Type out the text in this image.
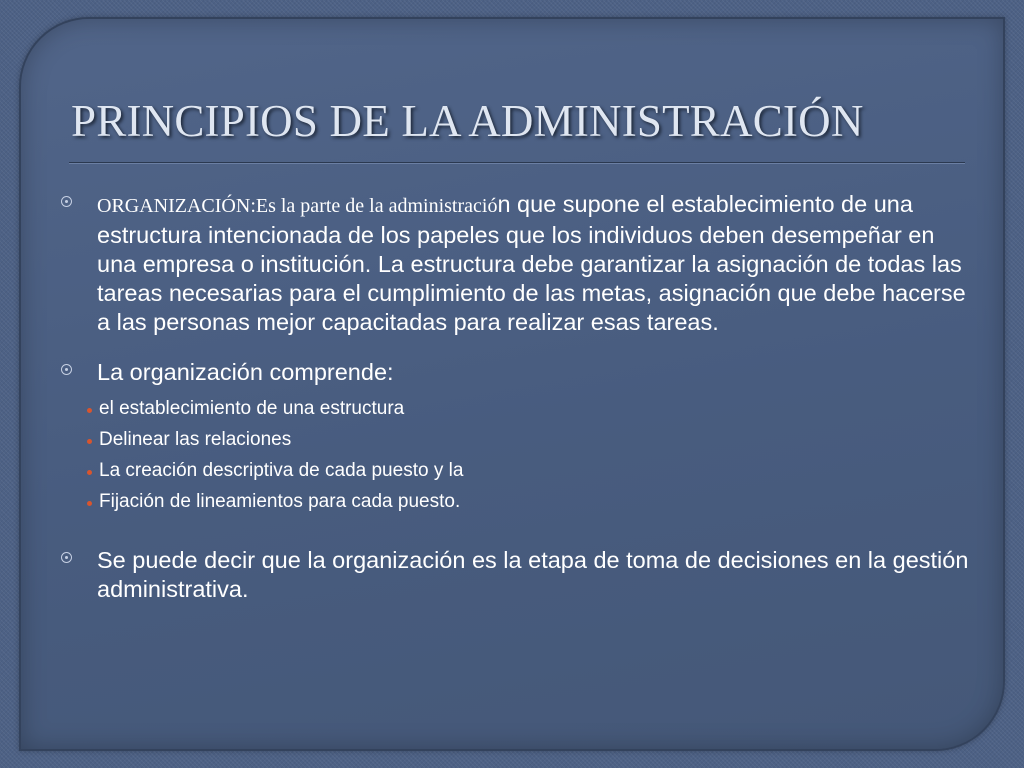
PRINCIPIOS DE LA ADMINISTRACIÓN
ORGANIZACIÓN:Es la parte de la administración que supone el establecimiento de una estructura intencionada de los papeles que los individuos deben desempeñar en una empresa o institución. La estructura debe garantizar la asignación de todas las tareas necesarias para el cumplimiento de las metas, asignación que debe hacerse a las personas mejor capacitadas para realizar esas tareas.
La organización comprende:
el establecimiento de una estructura
Delinear las relaciones
La creación descriptiva de cada puesto y la
Fijación de lineamientos para cada puesto.
Se puede decir que la organización es la etapa de toma de decisiones en la gestión administrativa.
